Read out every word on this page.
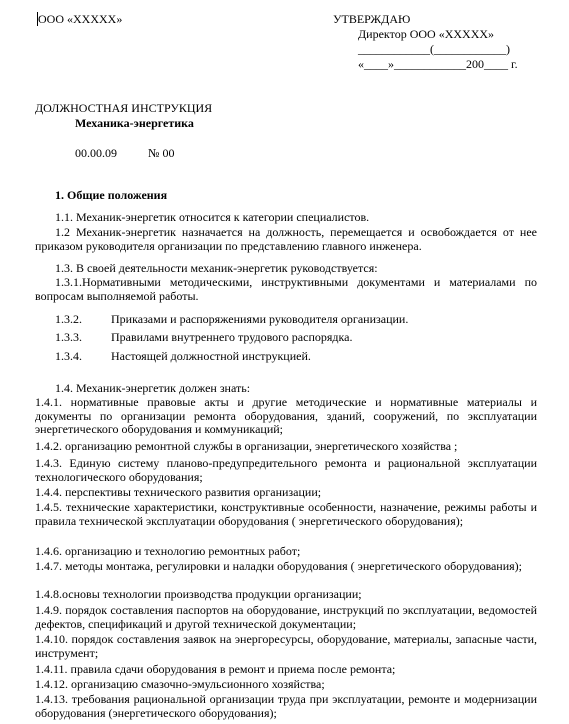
ООО «ХХХХХ»	УТВЕРЖДАЮ
Директор ООО «ХХХХХ»
____________(____________)
«____»____________200____ г.
ДОЛЖНОСТНАЯ ИНСТРУКЦИЯ
Механика-энергетика
00.00.09	№ 00
1. Общие положения
1.1. Механик-энергетик относится к категории специалистов.
1.2 Механик-энергетик назначается на должность, перемещается и освобождается от нее приказом руководителя организации по представлению главного инженера.
1.3. В своей деятельности механик-энергетик руководствуется:
1.3.1.Нормативными методическими, инструктивными документами и материалами по вопросам выполняемой работы.
1.3.2. Приказами и распоряжениями руководителя организации.
1.3.3. Правилами внутреннего трудового распорядка.
1.3.4. Настоящей должностной инструкцией.
1.4. Механик-энергетик должен знать:
1.4.1. нормативные правовые акты и другие методические и нормативные материалы и документы по организации ремонта оборудования, зданий, сооружений, по эксплуатации энергетического оборудования и коммуникаций;
1.4.2. организацию ремонтной службы в организации, энергетического хозяйства ;
1.4.3. Единую систему планово-предупредительного ремонта и рациональной эксплуатации технологического оборудования;
1.4.4. перспективы технического развития организации;
1.4.5. технические характеристики, конструктивные особенности, назначение, режимы работы и правила технической эксплуатации оборудования ( энергетического оборудования);
1.4.6. организацию и технологию ремонтных работ;
1.4.7. методы монтажа, регулировки и наладки оборудования ( энергетического оборудования);
1.4.8.основы технологии производства продукции организации;
1.4.9. порядок составления паспортов на оборудование, инструкций по эксплуатации, ведомостей дефектов, спецификаций и другой технической документации;
1.4.10. порядок составления заявок на энергоресурсы, оборудование, материалы, запасные части, инструмент;
1.4.11. правила сдачи оборудования в ремонт и приема после ремонта;
1.4.12. организацию смазочно-эмульсионного хозяйства;
1.4.13. требования рациональной организации труда при эксплуатации, ремонте и модернизации оборудования (энергетического оборудования);
